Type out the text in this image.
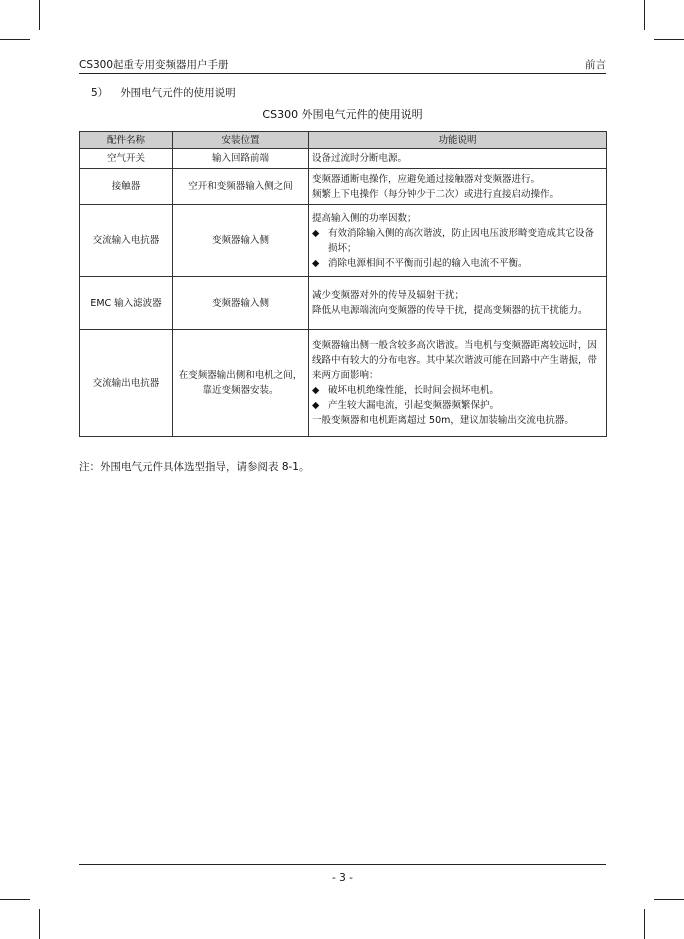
CS300起重专用变频器用户手册	前言
5） 外围电气元件的使用说明
CS300 外围电气元件的使用说明
配件名称	安装位置	功能说明
空气开关	输入回路前端	设备过流时分断电源。

接触器	空开和变频器输入侧之间	变频器通断电操作，应避免通过接触器对变频器进行。
频繁上下电操作（每分钟少于二次）或进行直接启动操作。

交流输入电抗器	变频器输入侧	提高输入侧的功率因数；
◆ 有效消除输入侧的高次谐波，防止因电压波形畸变造成其它设备损坏；
◆ 消除电源相间不平衡而引起的输入电流不平衡。

EMC 输入滤波器	变频器输入侧	减少变频器对外的传导及辐射干扰；
降低从电源端流向变频器的传导干扰，提高变频器的抗干扰能力。

交流输出电抗器	在变频器输出侧和电机之间，靠近变频器安装。	变频器输出侧一般含较多高次谐波。当电机与变频器距离较远时，因线路中有较大的分布电容。其中某次谐波可能在回路中产生谐振，带来两方面影响：
◆ 破坏电机绝缘性能，长时间会损坏电机。
◆ 产生较大漏电流，引起变频器频繁保护。
一般变频器和电机距离超过 50m，建议加装输出交流电抗器。
注：外围电气元件具体选型指导，请参阅表 8-1。
- 3 -
